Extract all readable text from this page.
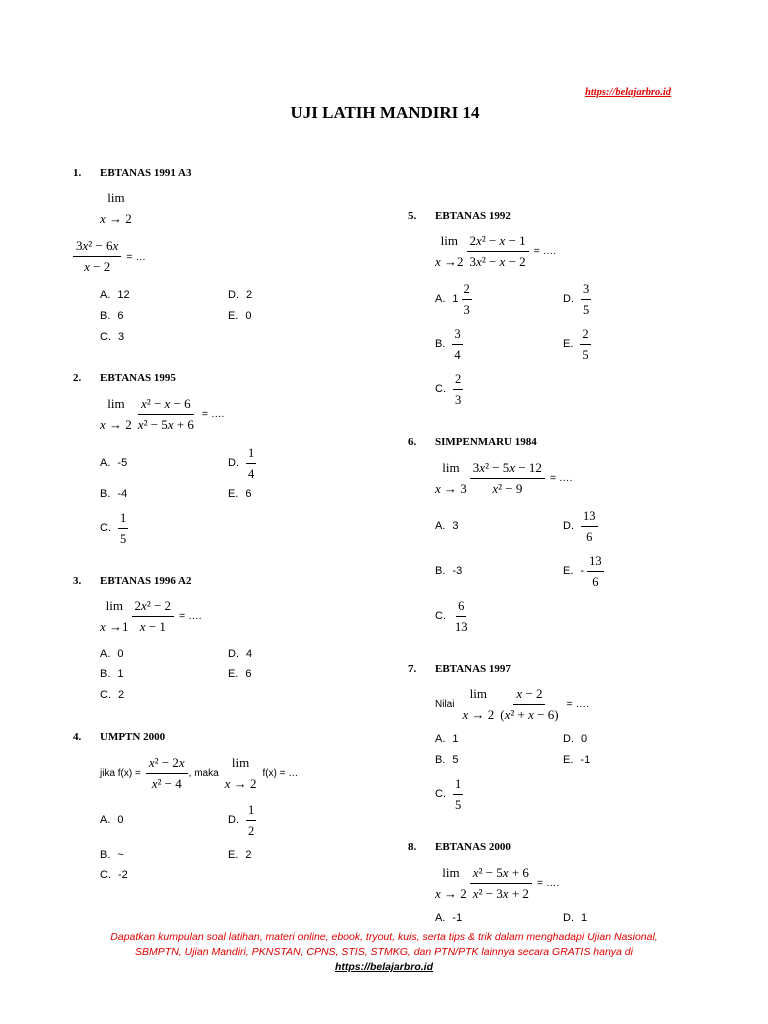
https://belajarbro.id
UJI LATIH MANDIRI 14
1. EBTANAS 1991 A3
lim
x → 2
$\frac{\text{3x² − 6x}}{x - 2}$ = …
A. 12
B. 6
C. 3
D. 2
E. 0
2. EBTANAS 1995
lim
$x \to 2 \frac{\text{x² − x − 6}}{\text{x² − 5x + 6}}$ = ….
A. -5
B. -4
C. $\frac{1}{5}$
D. $\frac{1}{4}$
E. 6
3. EBTANAS 1996 A2
lim
$x \to 1 \frac{\text{2x² − 2}}{x - 1}$ = ….
A. 0
B. 1
C. 2
D. 4
E. 6
4. UMPTN 2000
jika $f(x) = \frac{\text{x² − 2x}}{\text{x² − 4}}$ , maka
lim
x → 2
f(x) = …
A. 0
B. ~
C. -2
D. $\frac{1}{2}$
E. 2
5. EBTANAS 1992
lim
$x \to 2 \frac{\text{2x² − x − 1}}{\text{3x² − x − 2}}$ = ….
A. $1 \frac{2}{3}$
B. $\frac{3}{4}$
C. $\frac{2}{3}$
D. $\frac{3}{5}$
E. $\frac{2}{5}$
6. SIMPENMARU 1984
lim
$x \to 3 \frac{\text{3x² − 5x − 12}}{\text{x² − 9}}$ = ….
A. 3
B. -3
C. $\frac{6}{13}$
D. $\frac{13}{6}$
E. - $\frac{13}{6}$
7. EBTANAS 1997
Nilai
lim
$x \to 2 \frac{x - 2}{\text{(x² + x − 6)}}$ = ….
A. 1
B. 5
C. $\frac{1}{5}$
D. 0
E. -1
8. EBTANAS 2000
lim
$x \to 2 \frac{\text{x² − 5x + 6}}{\text{x² − 3x + 2}}$ = ….
A. -1	D. 1
Dapatkan kumpulan soal latihan, materi online, ebook, tryout, kuis, serta tips & trik dalam menghadapi Ujian Nasional,
SBMPTN, Ujian Mandiri, PKNSTAN, CPNS, STIS, STMKG, dan PTN/PTK lainnya secara GRATIS hanya di
https://belajarbro.id
